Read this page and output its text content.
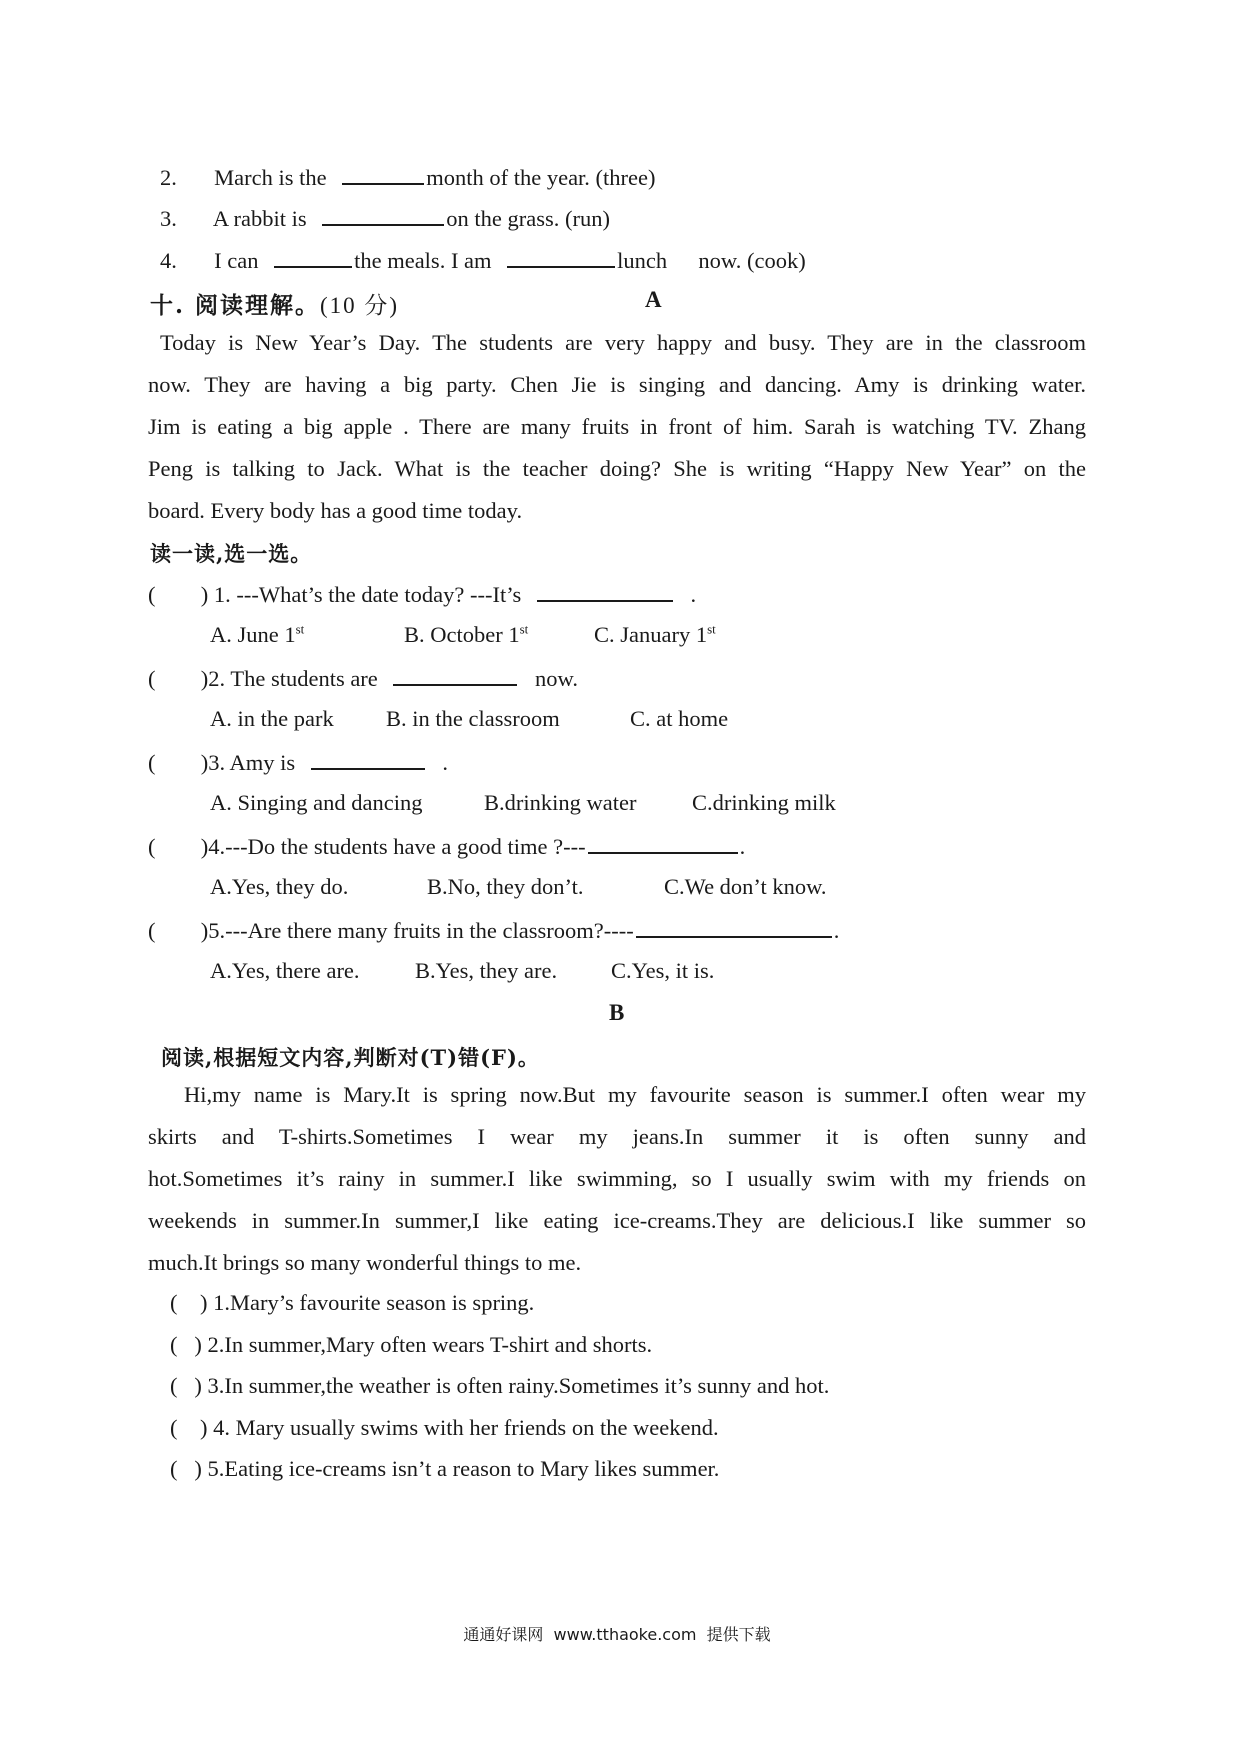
2. March is the	month of the year. (three)
3. A rabbit is	on the grass. (run)
4. I can	the meals. I am	lunch now. (cook)
十. 阅读理解。(10 分)	A
Today is New Year’s Day. The students are very happy and busy. They are in the classroom
now. They are having a big party. Chen Jie is singing and dancing. Amy is drinking water.
Jim is eating a big apple . There are many fruits in front of him. Sarah is watching TV. Zhang
Peng is talking to Jack. What is the teacher doing? She is writing “Happy New Year” on the
board. Every body has a good time today.
读一读,选一选。
( ) 1. ---What’s the date today? ---It’s	.
A. June 1st	B. October 1st	C. January 1st
( )2. The students are	now.
A. in the park B. in the classroom	C. at home
( )3. Amy is	.
A. Singing and dancing	B.drinking water C.drinking milk
( )4.---Do the students have a good time ?---	.
A.Yes, they do.	B.No, they don’t.	C.We don’t know.
( )5.---Are there many fruits in the classroom?----	.
A.Yes, there are. B.Yes, they are. C.Yes, it is.
B
阅读,根据短文内容,判断对(T)错(F)。
Hi,my name is Mary.It is spring now.But my favourite season is summer.I often wear my
skirts and T-shirts.Sometimes I wear my jeans.In summer it is often sunny and
hot.Sometimes it’s rainy in summer.I like swimming, so I usually swim with my friends on
weekends in summer.In summer,I like eating ice-creams.They are delicious.I like summer so
much.It brings so many wonderful things to me.
(    ) 1.Mary’s favourite season is spring.
(   ) 2.In summer,Mary often wears T-shirt and shorts.
(   ) 3.In summer,the weather is often rainy.Sometimes it’s sunny and hot.
(    ) 4. Mary usually swims with her friends on the weekend.
(   ) 5.Eating ice-creams isn’t a reason to Mary likes summer.
通通好课网  www.tthaoke.com  提供下载
